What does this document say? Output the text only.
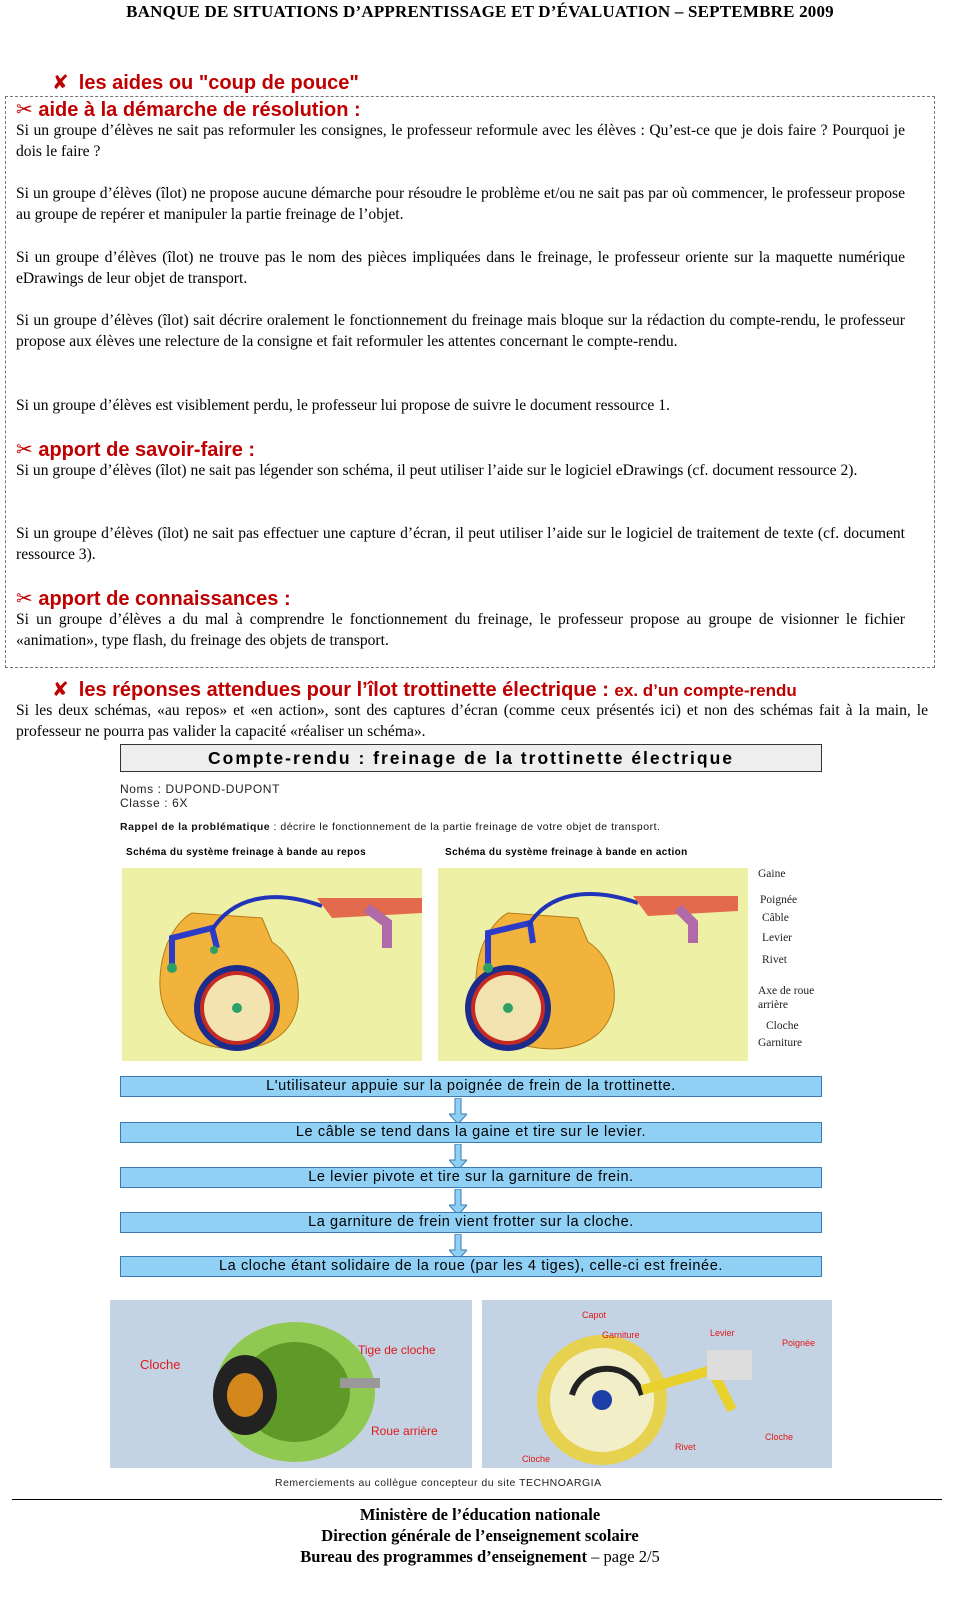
BANQUE DE SITUATIONS D’APPRENTISSAGE ET D’ÉVALUATION – SEPTEMBRE 2009
✘ les aides ou "coup de pouce"
✂ aide à la démarche de résolution :
Si un groupe d’élèves ne sait pas reformuler les consignes, le professeur reformule avec les élèves : Qu’est-ce que je dois faire ? Pourquoi je dois le faire ?
Si un groupe d’élèves (îlot) ne propose aucune démarche pour résoudre le problème et/ou ne sait pas par où commencer, le professeur propose au groupe de repérer et manipuler la partie freinage de l’objet.
Si un groupe d’élèves (îlot) ne trouve pas le nom des pièces impliquées dans le freinage, le professeur oriente sur la maquette numérique eDrawings de leur objet de transport.
Si un groupe d’élèves (îlot) sait décrire oralement le fonctionnement du freinage mais bloque sur la rédaction du compte-rendu, le professeur propose aux élèves une relecture de la consigne et fait reformuler les attentes concernant le compte-rendu.
Si un groupe d’élèves est visiblement perdu, le professeur lui propose de suivre le document ressource 1.
✂ apport de savoir-faire :
Si un groupe d’élèves (îlot) ne sait pas légender son schéma, il peut utiliser l’aide sur le logiciel eDrawings (cf. document ressource 2).
Si un groupe d’élèves (îlot) ne sait pas effectuer une capture d’écran, il peut utiliser l’aide sur le logiciel de traitement de texte (cf. document ressource 3).
✂ apport de connaissances :
Si un groupe d’élèves a du mal à comprendre le fonctionnement du freinage, le professeur propose au groupe de visionner le fichier «animation», type flash, du freinage des objets de transport.
✘ les réponses attendues pour l’îlot trottinette électrique : ex. d’un compte-rendu
Si les deux schémas, «au repos» et «en action», sont des captures d’écran (comme ceux présentés ici) et non des schémas fait à la main, le professeur ne pourra pas valider la capacité «réaliser un schéma».
Compte-rendu : freinage de la trottinette électrique
Noms : DUPOND-DUPONT
Classe : 6X
Rappel de la problématique : décrire le fonctionnement de la partie freinage de votre objet de transport.
Schéma du système freinage à bande au repos	Schéma du système freinage à bande en action
Gaine
Poignée
Câble
Levier
Rivet
Axe de roue arrière
Cloche
Garniture
L'utilisateur appuie sur la poignée de frein de la trottinette.
Le câble se tend dans la gaine et tire sur le levier.
Le levier pivote et tire sur la garniture de frein.
La garniture de frein vient frotter sur la cloche.
La cloche étant solidaire de la roue (par les 4 tiges), celle-ci est freinée.
Cloche
Tige de cloche
Roue arrière
Capot
Garniture	Levier
Poignée
Cloche
Rivet
Cloche
Remerciements au collègue concepteur du site TECHNOARGIA
Ministère de l’éducation nationale
Direction générale de l’enseignement scolaire
Bureau des programmes d’enseignement – page 2/5
